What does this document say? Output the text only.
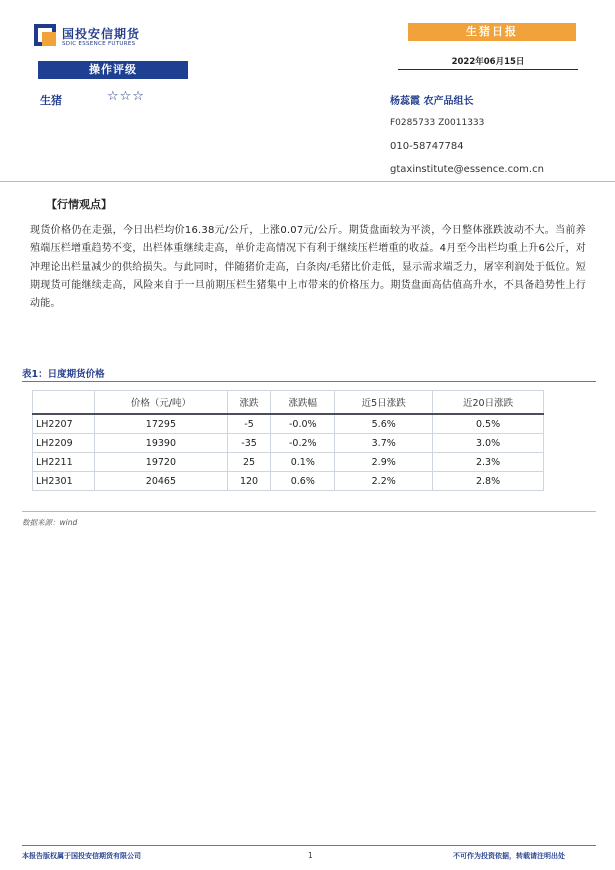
国投安信期货
SDIC ESSENCE FUTURES
操作评级
生猪日报
2022年06月15日
生猪	☆☆☆	杨蕊霞 农产品组长
F0285733 Z0011333
010-58747784
gtaxinstitute@essence.com.cn
【行情观点】
现货价格仍在走强，今日出栏均价16.38元/公斤，上涨0.07元/公斤。期货盘面较为平淡，今日整体涨跌波动不大。当前养殖端压栏增重趋势不变，出栏体重继续走高，单价走高情况下有利于继续压栏增重的收益。4月至今出栏均重上升6公斤，对冲理论出栏量减少的供给损失。与此同时，伴随猪价走高，白条肉/毛猪比价走低，显示需求端乏力，屠宰利润处于低位。短期现货可能继续走高，风险来自于一旦前期压栏生猪集中上市带来的价格压力。期货盘面高估值高升水，不具备趋势性上行动能。
表1：日度期货价格
	价格（元/吨）	涨跌	涨跌幅	近5日涨跌	近20日涨跌
LH2207	17295	-5	-0.0%	5.6%	0.5%
LH2209	19390	-35	-0.2%	3.7%	3.0%
LH2211	19720	25	0.1%	2.9%	2.3%
LH2301	20465	120	0.6%	2.2%	2.8%
数据来源：wind
本报告版权属于国投安信期货有限公司	1	不可作为投资依据，转载请注明出处
